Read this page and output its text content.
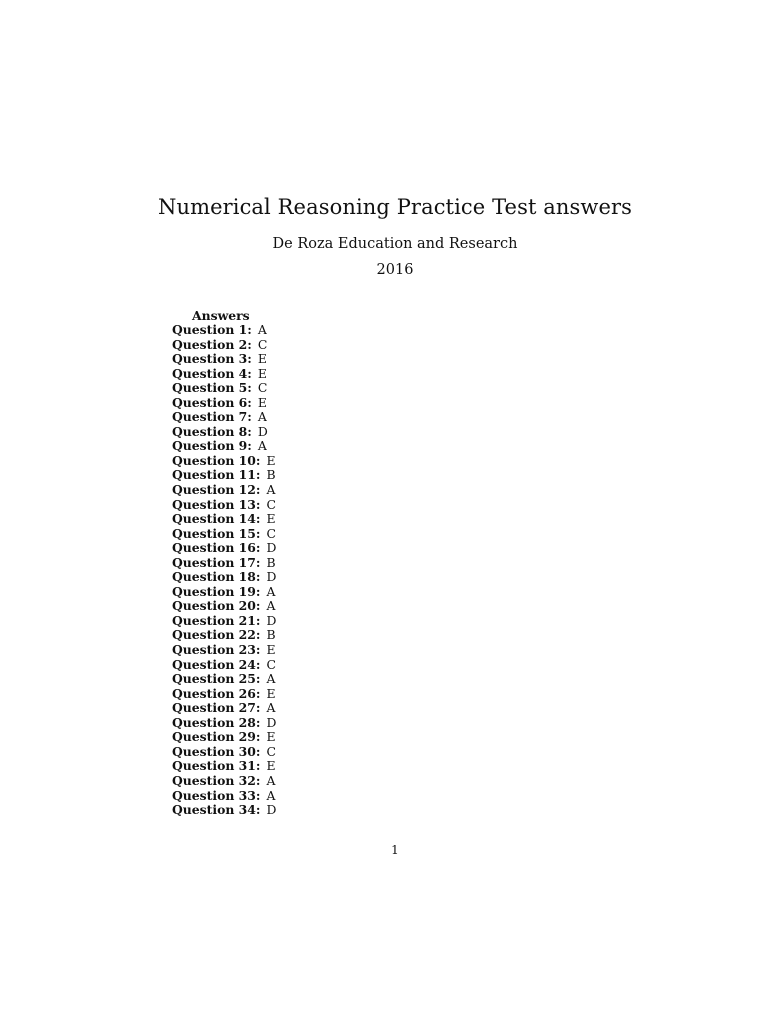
Numerical Reasoning Practice Test answers
De Roza Education and Research
2016
Answers
Question 1: A
Question 2: C
Question 3: E
Question 4: E
Question 5: C
Question 6: E
Question 7: A
Question 8: D
Question 9: A
Question 10: E
Question 11: B
Question 12: A
Question 13: C
Question 14: E
Question 15: C
Question 16: D
Question 17: B
Question 18: D
Question 19: A
Question 20: A
Question 21: D
Question 22: B
Question 23: E
Question 24: C
Question 25: A
Question 26: E
Question 27: A
Question 28: D
Question 29: E
Question 30: C
Question 31: E
Question 32: A
Question 33: A
Question 34: D
1
